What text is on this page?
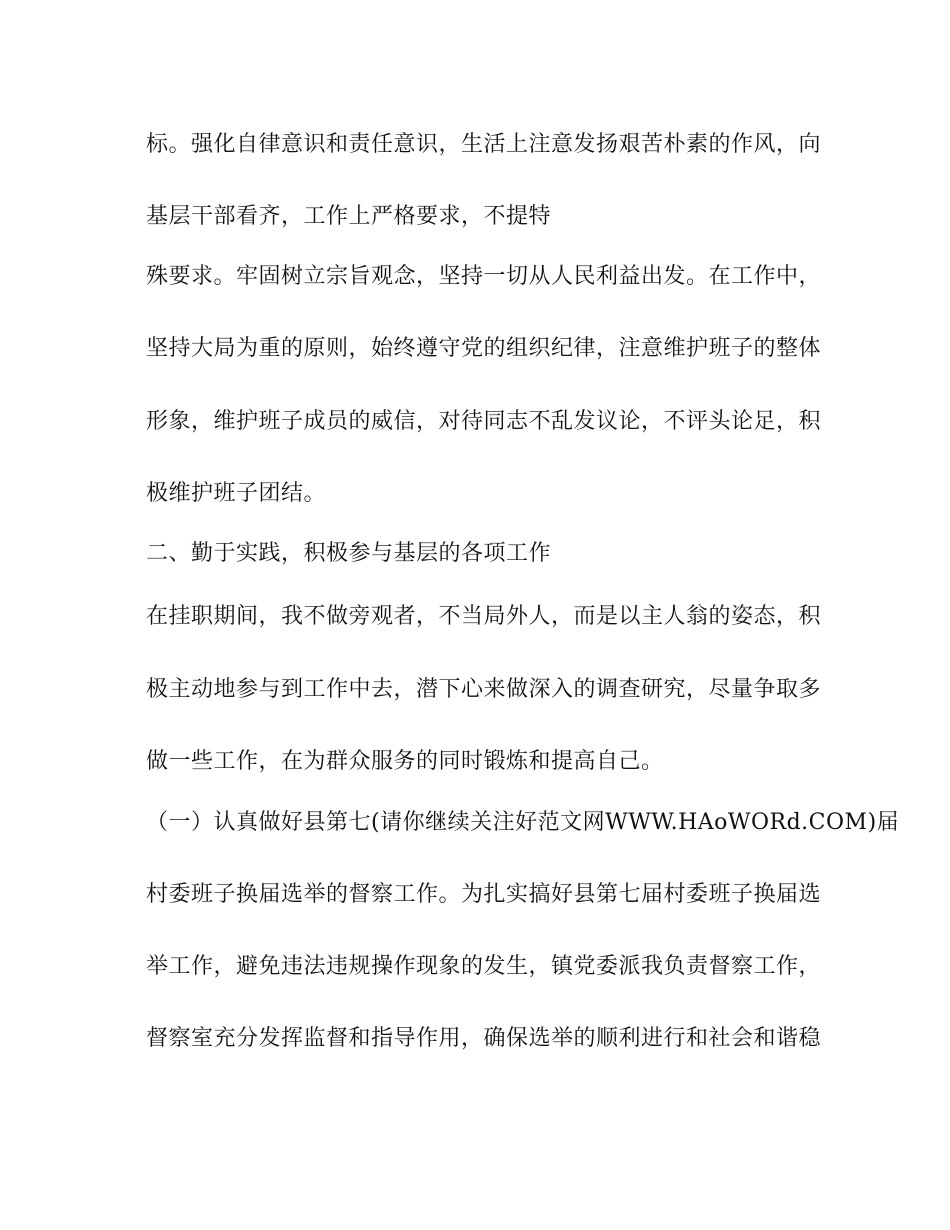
标。强化自律意识和责任意识，生活上注意发扬艰苦朴素的作风，向
基层干部看齐，工作上严格要求，不提特
殊要求。牢固树立宗旨观念，坚持一切从人民利益出发。在工作中，
坚持大局为重的原则，始终遵守党的组织纪律，注意维护班子的整体
形象，维护班子成员的威信，对待同志不乱发议论，不评头论足，积
极维护班子团结。
二、勤于实践，积极参与基层的各项工作
在挂职期间，我不做旁观者，不当局外人，而是以主人翁的姿态，积
极主动地参与到工作中去，潜下心来做深入的调查研究，尽量争取多
做一些工作，在为群众服务的同时锻炼和提高自己。
（一）认真做好县第七(请你继续关注好范文网WWW.HAoWORd.COM)届
村委班子换届选举的督察工作。为扎实搞好县第七届村委班子换届选
举工作，避免违法违规操作现象的发生，镇党委派我负责督察工作，
督察室充分发挥监督和指导作用，确保选举的顺利进行和社会和谐稳
